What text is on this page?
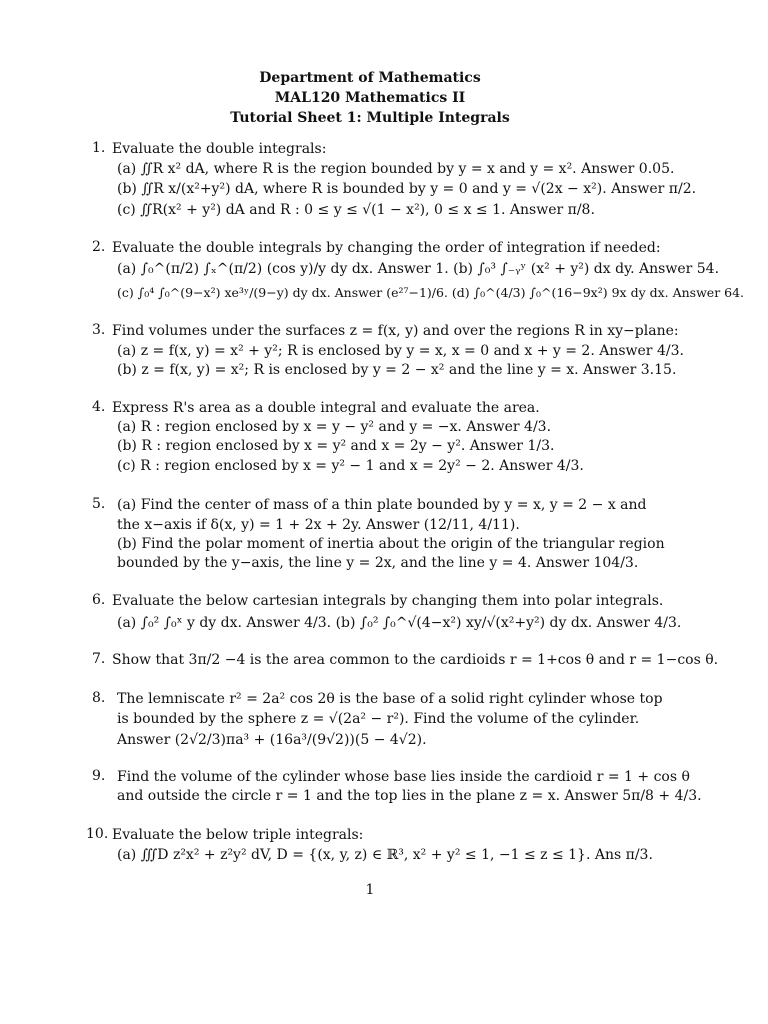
Department of Mathematics
MAL120 Mathematics II
Tutorial Sheet 1: Multiple Integrals
1. Evaluate the double integrals:
(a) ∬R x² dA, where R is the region bounded by y = x and y = x². Answer 0.05.
(b) ∬R x/(x²+y²) dA, where R is bounded by y = 0 and y = √(2x − x²). Answer π/2.
(c) ∬R(x² + y²) dA and R : 0 ≤ y ≤ √(1 − x²), 0 ≤ x ≤ 1. Answer π/8.
2. Evaluate the double integrals by changing the order of integration if needed:
(a) ∫₀^(π/2) ∫ₓ^(π/2) (cos y)/y dy dx. Answer 1. (b) ∫₀³ ∫₋ᵧʸ (x² + y²) dx dy. Answer 54.
(c) ∫₀⁴ ∫₀^(9−x²) xe³ʸ/(9−y) dy dx. Answer (e²⁷−1)/6. (d) ∫₀^(4/3) ∫₀^(16−9x²) 9x dy dx. Answer 64.
3. Find volumes under the surfaces z = f(x, y) and over the regions R in xy−plane:
(a) z = f(x, y) = x² + y²; R is enclosed by y = x, x = 0 and x + y = 2. Answer 4/3.
(b) z = f(x, y) = x²; R is enclosed by y = 2 − x² and the line y = x. Answer 3.15.
4. Express R's area as a double integral and evaluate the area.
(a) R : region enclosed by x = y − y² and y = −x. Answer 4/3.
(b) R : region enclosed by x = y² and x = 2y − y². Answer 1/3.
(c) R : region enclosed by x = y² − 1 and x = 2y² − 2. Answer 4/3.
5. (a) Find the center of mass of a thin plate bounded by y = x, y = 2 − x and
the x−axis if δ(x, y) = 1 + 2x + 2y. Answer (12/11, 4/11).
(b) Find the polar moment of inertia about the origin of the triangular region
bounded by the y−axis, the line y = 2x, and the line y = 4. Answer 104/3.
6. Evaluate the below cartesian integrals by changing them into polar integrals.
(a) ∫₀² ∫₀ˣ y dy dx. Answer 4/3. (b) ∫₀² ∫₀^√(4−x²) xy/√(x²+y²) dy dx. Answer 4/3.
7. Show that 3π/2 −4 is the area common to the cardioids r = 1+cos θ and r = 1−cos θ.
8. The lemniscate r² = 2a² cos 2θ is the base of a solid right cylinder whose top
is bounded by the sphere z = √(2a² − r²). Find the volume of the cylinder.
Answer (2√2/3)πa³ + (16a³/(9√2))(5 − 4√2).
9. Find the volume of the cylinder whose base lies inside the cardioid r = 1 + cos θ
and outside the circle r = 1 and the top lies in the plane z = x. Answer 5π/8 + 4/3.
10. Evaluate the below triple integrals:
(a) ∭D z²x² + z²y² dV, D = {(x, y, z) ∈ ℝ³, x² + y² ≤ 1, −1 ≤ z ≤ 1}. Ans π/3.
1
